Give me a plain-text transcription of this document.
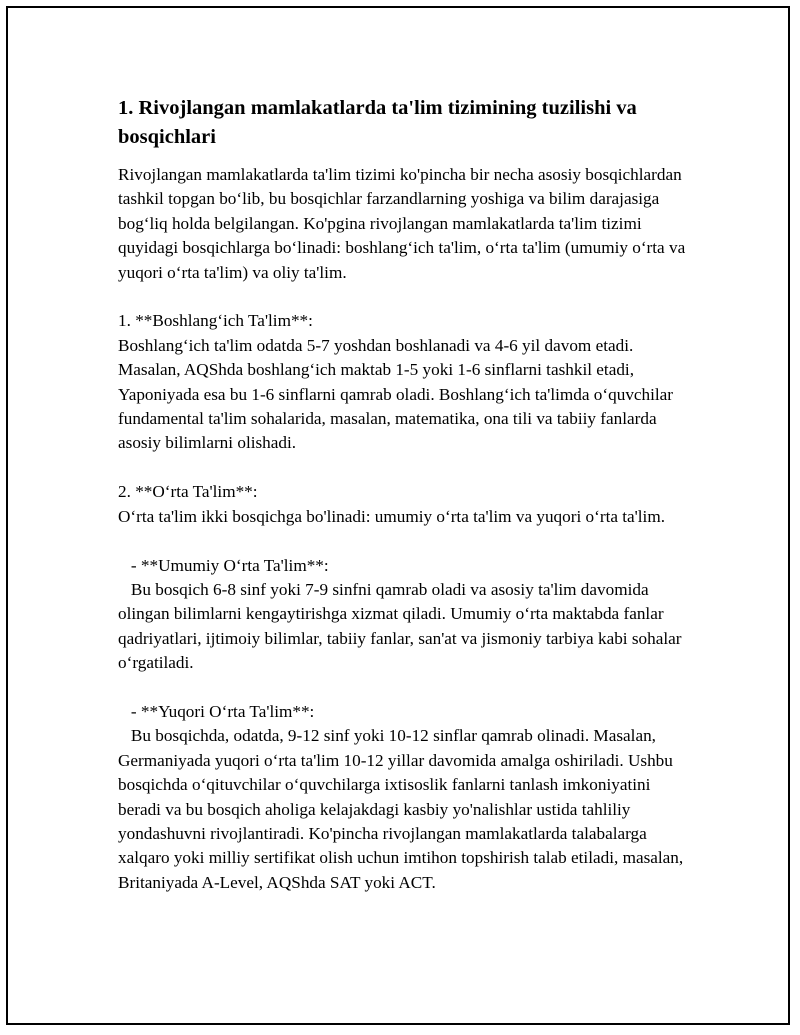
1. Rivojlangan mamlakatlarda ta'lim tizimining tuzilishi va bosqichlari

Rivojlangan mamlakatlarda ta'lim tizimi ko'pincha bir necha asosiy bosqichlardan tashkil topgan bo‘lib, bu bosqichlar farzandlarning yoshiga va bilim darajasiga bog‘liq holda belgilangan. Ko'pgina rivojlangan mamlakatlarda ta'lim tizimi quyidagi bosqichlarga bo‘linadi: boshlang‘ich ta'lim, o‘rta ta'lim (umumiy o‘rta va yuqori o‘rta ta'lim) va oliy ta'lim.

1. **Boshlang‘ich Ta'lim**:
Boshlang‘ich ta'lim odatda 5-7 yoshdan boshlanadi va 4-6 yil davom etadi. Masalan, AQShda boshlang‘ich maktab 1-5 yoki 1-6 sinflarni tashkil etadi, Yaponiyada esa bu 1-6 sinflarni qamrab oladi. Boshlang‘ich ta'limda o‘quvchilar fundamental ta'lim sohalarida, masalan, matematika, ona tili va tabiiy fanlarda asosiy bilimlarni olishadi.

2. **O‘rta Ta'lim**:
O‘rta ta'lim ikki bosqichga bo'linadi: umumiy o‘rta ta'lim va yuqori o‘rta ta'lim.

- **Umumiy O‘rta Ta'lim**:
Bu bosqich 6-8 sinf yoki 7-9 sinfni qamrab oladi va asosiy ta'lim davomida olingan bilimlarni kengaytirishga xizmat qiladi. Umumiy o‘rta maktabda fanlar qadriyatlari, ijtimoiy bilimlar, tabiiy fanlar, san'at va jismoniy tarbiya kabi sohalar o‘rgatiladi.

- **Yuqori O‘rta Ta'lim**:
Bu bosqichda, odatda, 9-12 sinf yoki 10-12 sinflar qamrab olinadi. Masalan, Germaniyada yuqori o‘rta ta'lim 10-12 yillar davomida amalga oshiriladi. Ushbu bosqichda o‘qituvchilar o‘quvchilarga ixtisoslik fanlarni tanlash imkoniyatini beradi va bu bosqich aholiga kelajakdagi kasbiy yo'nalishlar ustida tahliliy yondashuvni rivojlantiradi. Ko'pincha rivojlangan mamlakatlarda talabalarga xalqaro yoki milliy sertifikat olish uchun imtihon topshirish talab etiladi, masalan, Britaniyada A-Level, AQShda SAT yoki ACT.
